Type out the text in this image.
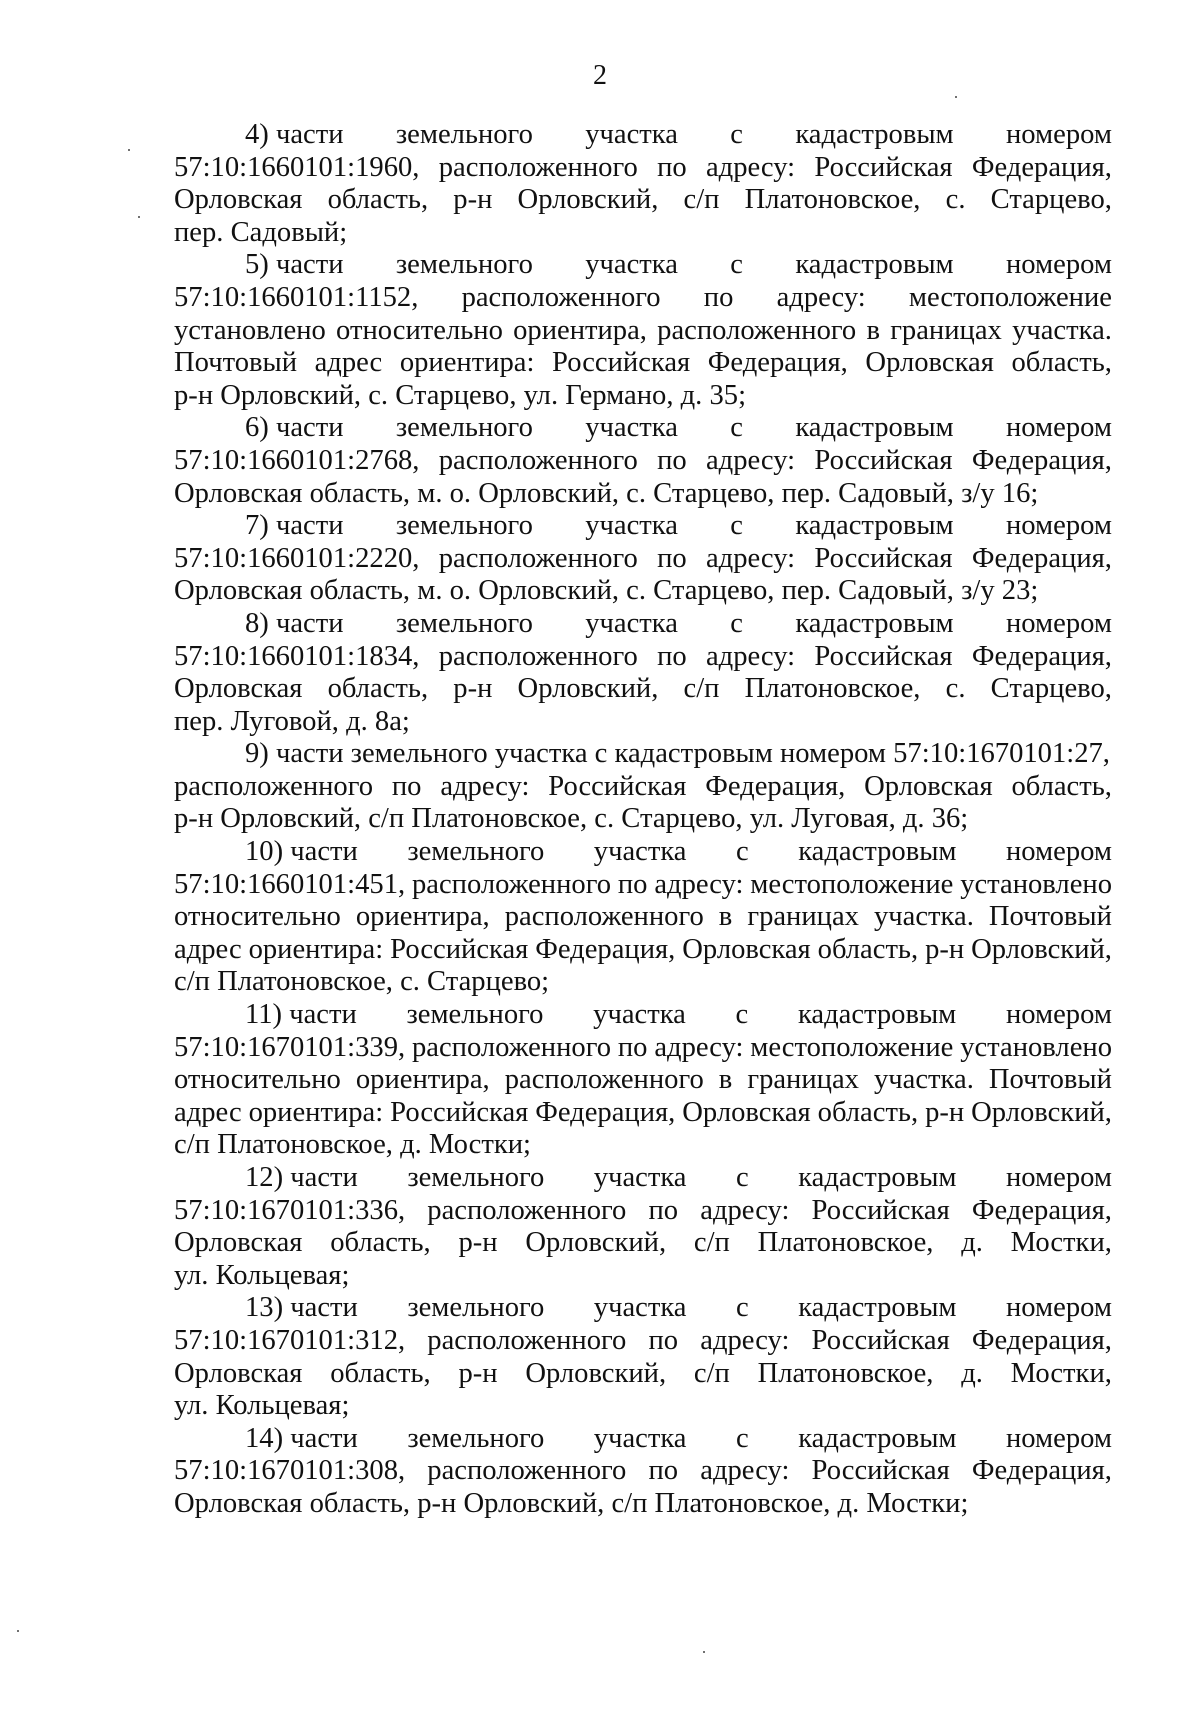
2

4) части земельного участка с кадастровым номером
57:10:1660101:1960, расположенного по адресу: Российская Федерация,
Орловская область, р-н Орловский, с/п Платоновское, с. Старцево,
пер. Садовый;

5) части земельного участка с кадастровым номером
57:10:1660101:1152, расположенного по адресу: местоположение
установлено относительно ориентира, расположенного в границах участка.
Почтовый адрес ориентира: Российская Федерация, Орловская область,
р-н Орловский, с. Старцево, ул. Германо, д. 35;

6) части земельного участка с кадастровым номером
57:10:1660101:2768, расположенного по адресу: Российская Федерация,
Орловская область, м. о. Орловский, с. Старцево, пер. Садовый, з/у 16;

7) части земельного участка с кадастровым номером
57:10:1660101:2220, расположенного по адресу: Российская Федерация,
Орловская область, м. о. Орловский, с. Старцево, пер. Садовый, з/у 23;

8) части земельного участка с кадастровым номером
57:10:1660101:1834, расположенного по адресу: Российская Федерация,
Орловская область, р-н Орловский, с/п Платоновское, с. Старцево,
пер. Луговой, д. 8а;

9) части земельного участка с кадастровым номером 57:10:1670101:27,
расположенного по адресу: Российская Федерация, Орловская область,
р-н Орловский, с/п Платоновское, с. Старцево, ул. Луговая, д. 36;

10) части земельного участка с кадастровым номером
57:10:1660101:451, расположенного по адресу: местоположение установлено
относительно ориентира, расположенного в границах участка. Почтовый
адрес ориентира: Российская Федерация, Орловская область, р-н Орловский,
с/п Платоновское, с. Старцево;

11) части земельного участка с кадастровым номером
57:10:1670101:339, расположенного по адресу: местоположение установлено
относительно ориентира, расположенного в границах участка. Почтовый
адрес ориентира: Российская Федерация, Орловская область, р-н Орловский,
с/п Платоновское, д. Мостки;

12) части земельного участка с кадастровым номером
57:10:1670101:336, расположенного по адресу: Российская Федерация,
Орловская область, р-н Орловский, с/п Платоновское, д. Мостки,
ул. Кольцевая;

13) части земельного участка с кадастровым номером
57:10:1670101:312, расположенного по адресу: Российская Федерация,
Орловская область, р-н Орловский, с/п Платоновское, д. Мостки,
ул. Кольцевая;

14) части земельного участка с кадастровым номером
57:10:1670101:308, расположенного по адресу: Российская Федерация,
Орловская область, р-н Орловский, с/п Платоновское, д. Мостки;
